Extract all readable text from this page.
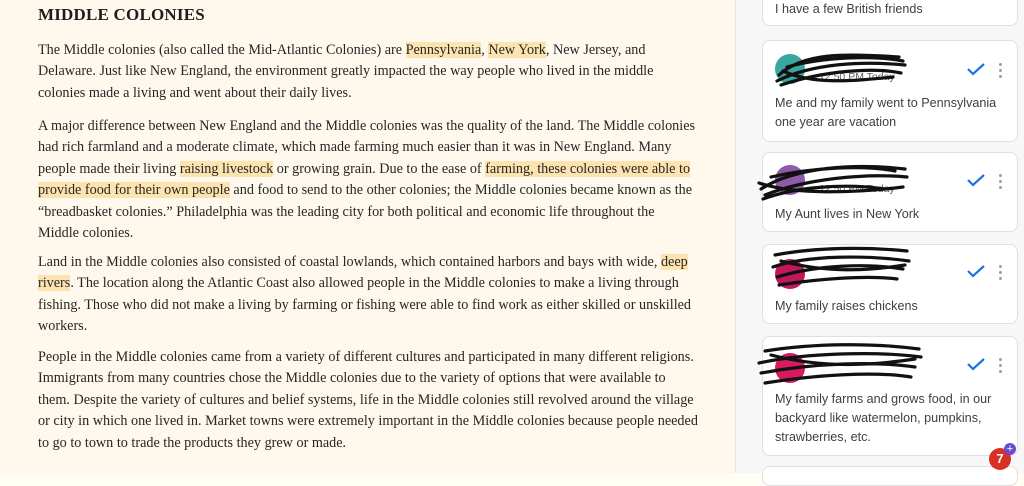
MIDDLE COLONIES

The Middle colonies (also called the Mid-Atlantic Colonies) are Pennsylvania, New York, New Jersey, and Delaware. Just like New England, the environment greatly impacted the way people who lived in the middle colonies made a living and went about their daily lives.

A major difference between New England and the Middle colonies was the quality of the land. The Middle colonies had rich farmland and a moderate climate, which made farming much easier than it was in New England. Many people made their living raising livestock or growing grain. Due to the ease of farming, these colonies were able to provide food for their own people and food to send to the other colonies; the Middle colonies became known as the “breadbasket colonies.” Philadelphia was the leading city for both political and economic life throughout the Middle colonies.

Land in the Middle colonies also consisted of coastal lowlands, which contained harbors and bays with wide, deep rivers. The location along the Atlantic Coast also allowed people in the Middle colonies to make a living through fishing. Those who did not make a living by farming or fishing were able to find work as either skilled or unskilled workers.

People in the Middle colonies came from a variety of different cultures and participated in many different religions. Immigrants from many countries chose the Middle colonies due to the variety of options that were available to them. Despite the variety of cultures and belief systems, life in the Middle colonies still revolved around the village or city in which one lived in. Market towns were extremely important in the Middle colonies because people needed to go to town to trade the products they grew or made.

I have a few British friends

12:50 PM Today

Me and my family went to Pennsylvania one year are vacation

12:50 PM Today

My Aunt lives in New York

My family raises chickens

My family farms and grows food, in our backyard like watermelon, pumpkins, strawberries, etc.

7
+
